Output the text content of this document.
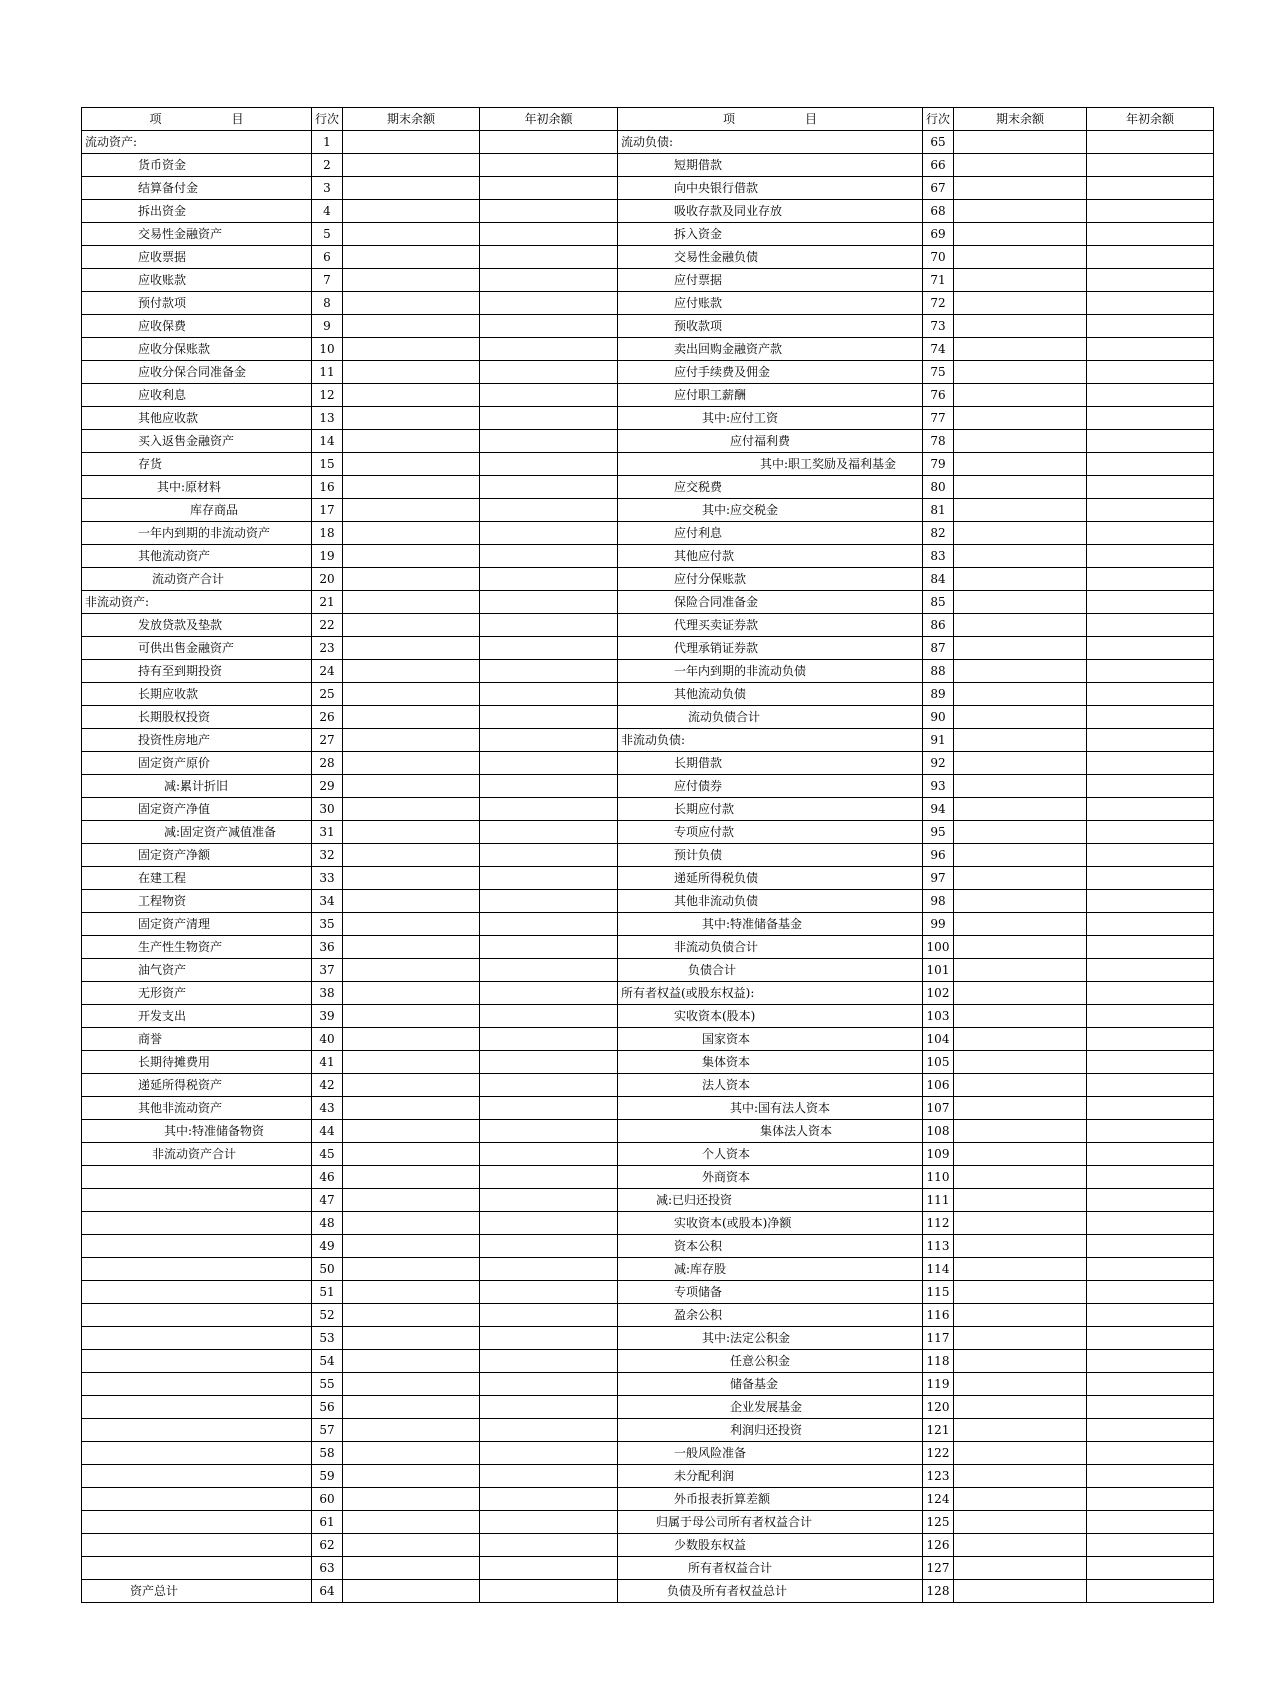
项 目	行次	期末余额	年初余额	项 目	行次	期末余额	年初余额
流动资产:	1			流动负债:	65		
货币资金	2			短期借款	66		
结算备付金	3			向中央银行借款	67		
拆出资金	4			吸收存款及同业存放	68		
交易性金融资产	5			拆入资金	69		
应收票据	6			交易性金融负债	70		
应收账款	7			应付票据	71		
预付款项	8			应付账款	72		
应收保费	9			预收款项	73		
应收分保账款	10			卖出回购金融资产款	74		
应收分保合同准备金	11			应付手续费及佣金	75		
应收利息	12			应付职工薪酬	76		
其他应收款	13			其中:应付工资	77		
买入返售金融资产	14			应付福利费	78		
存货	15			其中:职工奖励及福利基金	79		
其中:原材料	16			应交税费	80		
库存商品	17			其中:应交税金	81		
一年内到期的非流动资产	18			应付利息	82		
其他流动资产	19			其他应付款	83		
流动资产合计	20			应付分保账款	84		
非流动资产:	21			保险合同准备金	85		
发放贷款及垫款	22			代理买卖证券款	86		
可供出售金融资产	23			代理承销证券款	87		
持有至到期投资	24			一年内到期的非流动负债	88		
长期应收款	25			其他流动负债	89		
长期股权投资	26			流动负债合计	90		
投资性房地产	27			非流动负债:	91		
固定资产原价	28			长期借款	92		
减:累计折旧	29			应付债券	93		
固定资产净值	30			长期应付款	94		
减:固定资产减值准备	31			专项应付款	95		
固定资产净额	32			预计负债	96		
在建工程	33			递延所得税负债	97		
工程物资	34			其他非流动负债	98		
固定资产清理	35			其中:特准储备基金	99		
生产性生物资产	36			非流动负债合计	100		
油气资产	37			负债合计	101		
无形资产	38			所有者权益(或股东权益):	102		
开发支出	39			实收资本(股本)	103		
商誉	40			国家资本	104		
长期待摊费用	41			集体资本	105		
递延所得税资产	42			法人资本	106		
其他非流动资产	43			其中:国有法人资本	107		
其中:特准储备物资	44			集体法人资本	108		
非流动资产合计	45			个人资本	109		
	46			外商资本	110		
	47			减:已归还投资	111		
	48			实收资本(或股本)净额	112		
	49			资本公积	113		
	50			减:库存股	114		
	51			专项储备	115		
	52			盈余公积	116		
	53			其中:法定公积金	117		
	54			任意公积金	118		
	55			储备基金	119		
	56			企业发展基金	120		
	57			利润归还投资	121		
	58			一般风险准备	122		
	59			未分配利润	123		
	60			外币报表折算差额	124		
	61			归属于母公司所有者权益合计	125		
	62			少数股东权益	126		
	63			所有者权益合计	127		
资产总计	64			负债及所有者权益总计	128		
